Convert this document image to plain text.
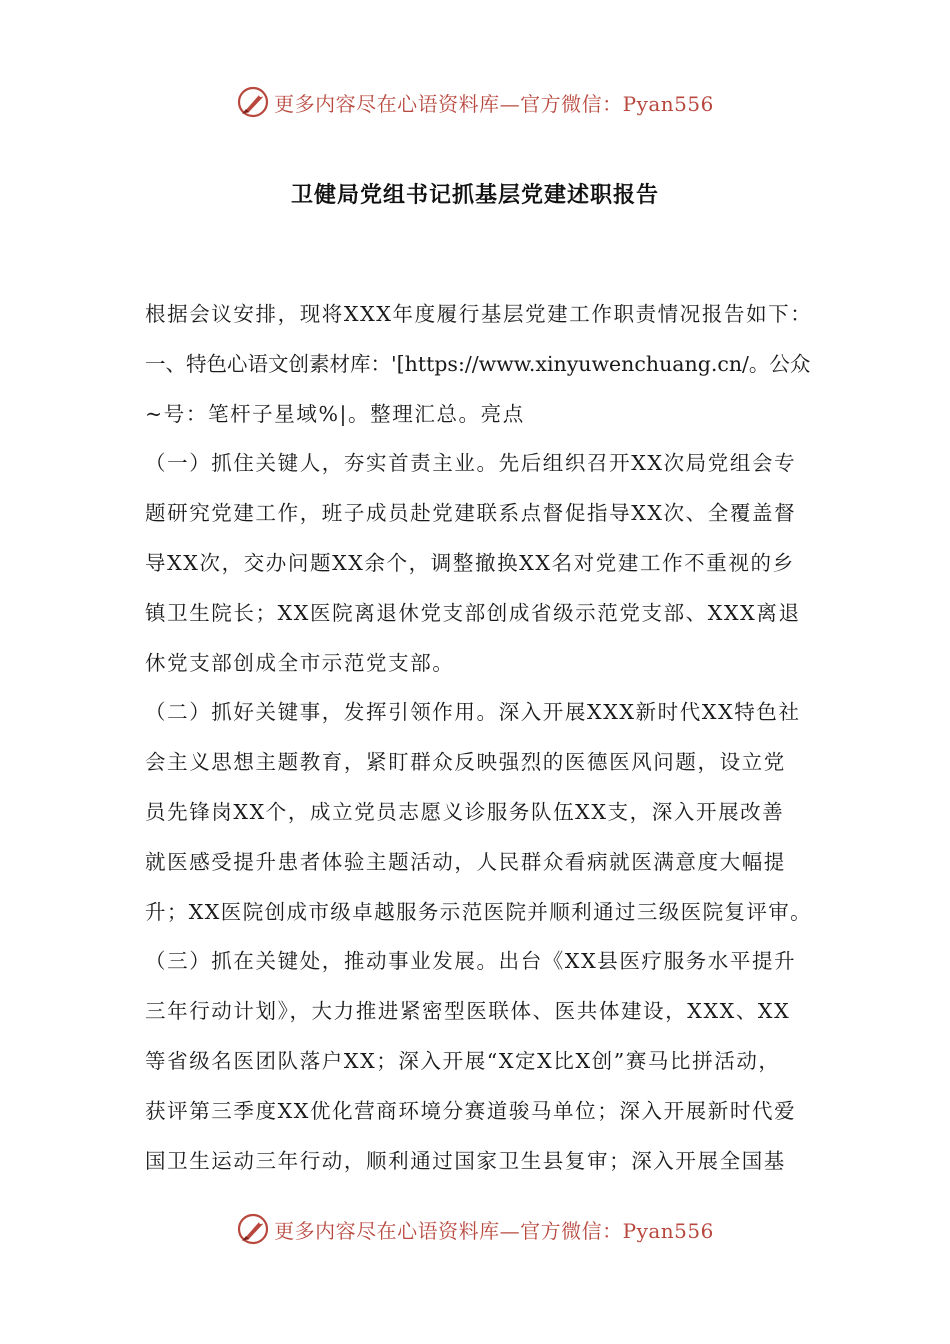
更多内容尽在心语资料库—官方微信：Pyan556
卫健局党组书记抓基层党建述职报告
根据会议安排，现将XXX年度履行基层党建工作职责情况报告如下：
一、特色心语文创素材库：'[https://www.xinyuwenchuang.cn/。公众
~号：笔杆子星域%|。整理汇总。亮点
（一）抓住关键人，夯实首责主业。先后组织召开XX次局党组会专
题研究党建工作，班子成员赴党建联系点督促指导XX次、全覆盖督
导XX次，交办问题XX余个，调整撤换XX名对党建工作不重视的乡
镇卫生院长；XX医院离退休党支部创成省级示范党支部、XXX离退
休党支部创成全市示范党支部。
（二）抓好关键事，发挥引领作用。深入开展XXX新时代XX特色社
会主义思想主题教育，紧盯群众反映强烈的医德医风问题，设立党
员先锋岗XX个，成立党员志愿义诊服务队伍XX支，深入开展改善
就医感受提升患者体验主题活动，人民群众看病就医满意度大幅提
升；XX医院创成市级卓越服务示范医院并顺利通过三级医院复评审。
（三）抓在关键处，推动事业发展。出台《XX县医疗服务水平提升
三年行动计划》，大力推进紧密型医联体、医共体建设，XXX、XX
等省级名医团队落户XX；深入开展“X定X比X创”赛马比拼活动，
获评第三季度XX优化营商环境分赛道骏马单位；深入开展新时代爱
国卫生运动三年行动，顺利通过国家卫生县复审；深入开展全国基
更多内容尽在心语资料库—官方微信：Pyan556
